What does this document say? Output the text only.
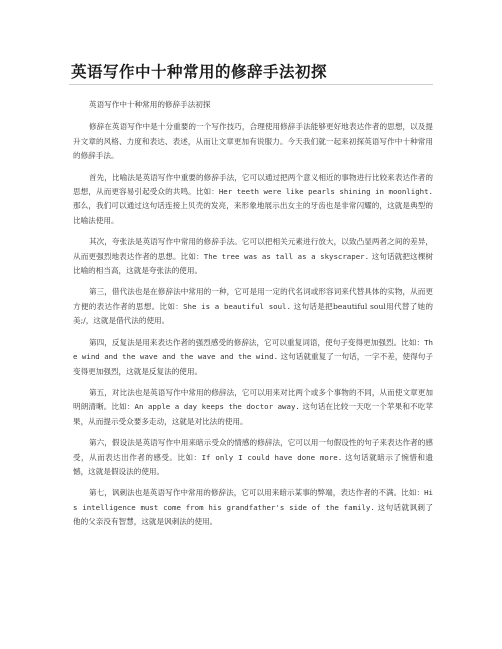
英语写作中十种常用的修辞手法初探

英语写作中十种常用的修辞手法初探

修辞在英语写作中是十分重要的一个写作技巧，合理使用修辞手法能够更好地表达作者的思想，以及提升文章的风格、力度和表达、表述，从而让文章更加有说服力。今天我们就一起来初探英语写作中十种常用的修辞手法。

首先，比喻法是英语写作中重要的修辞手法，它可以通过把两个意义相近的事物进行比较来表达作者的思想，从而更容易引起受众的共鸣。比如：Her teeth were like pearls shining in moonlight. 那么，我们可以通过这句话连接上贝壳的发亮，来形象地展示出女主的牙齿也是非常闪耀的，这就是典型的比喻法使用。

其次，夸张法是英语写作中常用的修辞手法。它可以把相关元素进行放大，以致凸显两者之间的差异，从而更强烈地表达作者的思想。比如：The tree was as tall as a skyscraper. 这句话就把这棵树比喻的相当高，这就是夸张法的使用。

第三，借代法也是在修辞法中常用的一种，它可是用一定的代名词或形容词来代替具体的实物，从而更方便的表达作者的思想。比如：She is a beautiful soul. 这句话是把beautiful soul用代替了她的美;/，这就是借代法的使用。

第四，反复法是用来表达作者的强烈感受的修辞法，它可以重复词语，使句子变得更加强烈。比如：The wind and the wave and the wave and the wind. 这句话就重复了一句话，一字不差，使得句子变得更加强烈，这就是反复法的使用。

第五，对比法也是英语写作中常用的修辞法，它可以用来对比两个或多个事物的不同，从而使文章更加明朗清晰。比如：An apple a day keeps the doctor away. 这句话在比较一天吃一个苹果和不吃苹果，从而提示受众要多走动，这就是对比法的使用。

第六，假设法是英语写作中用来暗示受众的情感的修辞法，它可以用一句假设性的句子来表达作者的感受，从而表达出作者的感受。比如：If only I could have done more. 这句话就暗示了惋惜和遗憾，这就是假设法的使用。

第七，讽刺法也是英语写作中常用的修辞法，它可以用来暗示某事的弊端，表达作者的不满。比如：His intelligence must come from his grandfather's side of the family. 这句话就讽刺了他的父亲没有智慧，这就是讽刺法的使用。
